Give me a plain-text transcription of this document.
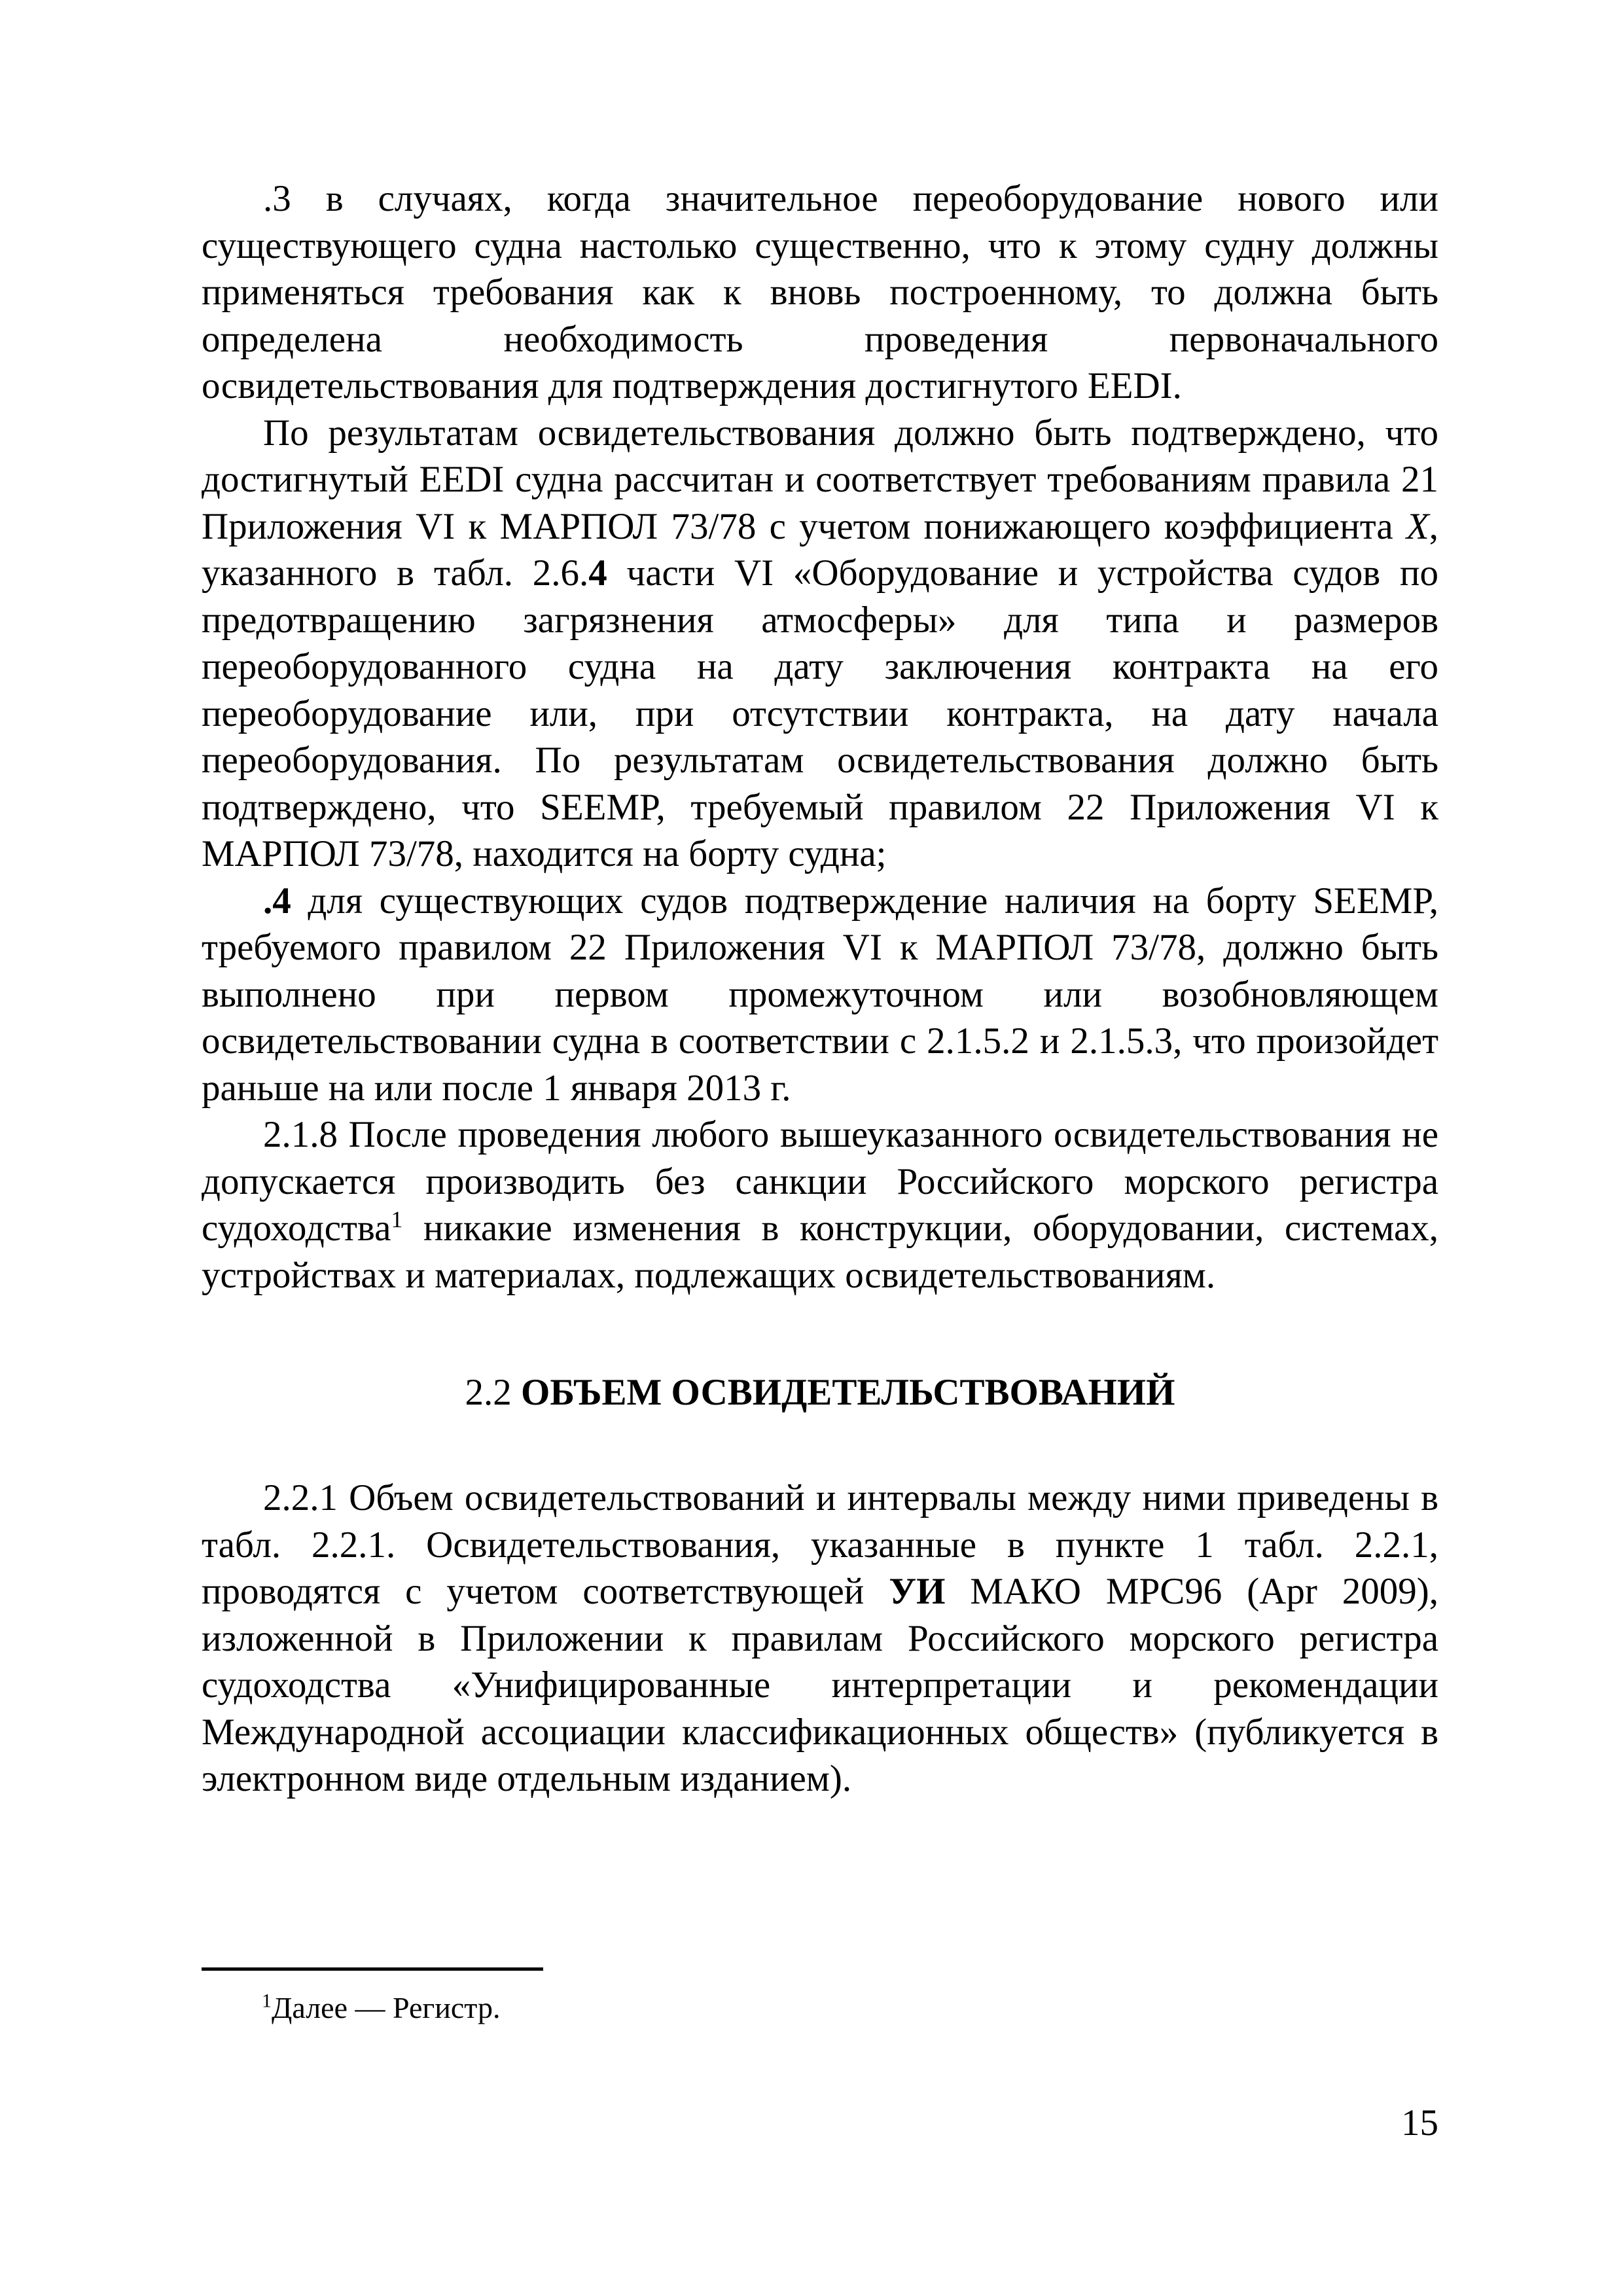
.3 в случаях, когда значительное переоборудование нового или существующего судна настолько существенно, что к этому судну должны применяться требования как к вновь построенному, то должна быть определена необходимость проведения первоначального освидетельствования для подтверждения достигнутого EEDI.

По результатам освидетельствования должно быть подтверждено, что достигнутый EEDI судна рассчитан и соответствует требованиям правила 21 Приложения VI к МАРПОЛ 73/78 с учетом понижающего коэффициента X, указанного в табл. 2.6.4 части VI «Оборудование и устройства судов по предотвращению загрязнения атмосферы» для типа и размеров переоборудованного судна на дату заключения контракта на его переоборудование или, при отсутствии контракта, на дату начала переоборудования. По результатам освидетельствования должно быть подтверждено, что SEEMP, требуемый правилом 22 Приложения VI к МАРПОЛ 73/78, находится на борту судна;

.4 для существующих судов подтверждение наличия на борту SEEMP, требуемого правилом 22 Приложения VI к МАРПОЛ 73/78, должно быть выполнено при первом промежуточном или возобновляющем освидетельствовании судна в соответствии с 2.1.5.2 и 2.1.5.3, что произойдет раньше на или после 1 января 2013 г.

2.1.8 После проведения любого вышеуказанного освидетельствования не допускается производить без санкции Российского морского регистра судоходства$^1$ никакие изменения в конструкции, оборудовании, системах, устройствах и материалах, подлежащих освидетельствованиям.

2.2 ОБЪЕМ ОСВИДЕТЕЛЬСТВОВАНИЙ

2.2.1 Объем освидетельствований и интервалы между ними приведены в табл. 2.2.1. Освидетельствования, указанные в пункте 1 табл. 2.2.1, проводятся с учетом соответствующей УИ МАКО MPC96 (Apr 2009), изложенной в Приложении к правилам Российского морского регистра судоходства «Унифицированные интерпретации и рекомендации Международной ассоциации классификационных обществ» (публикуется в электронном виде отдельным изданием).

$^1$Далее — Регистр.

15
